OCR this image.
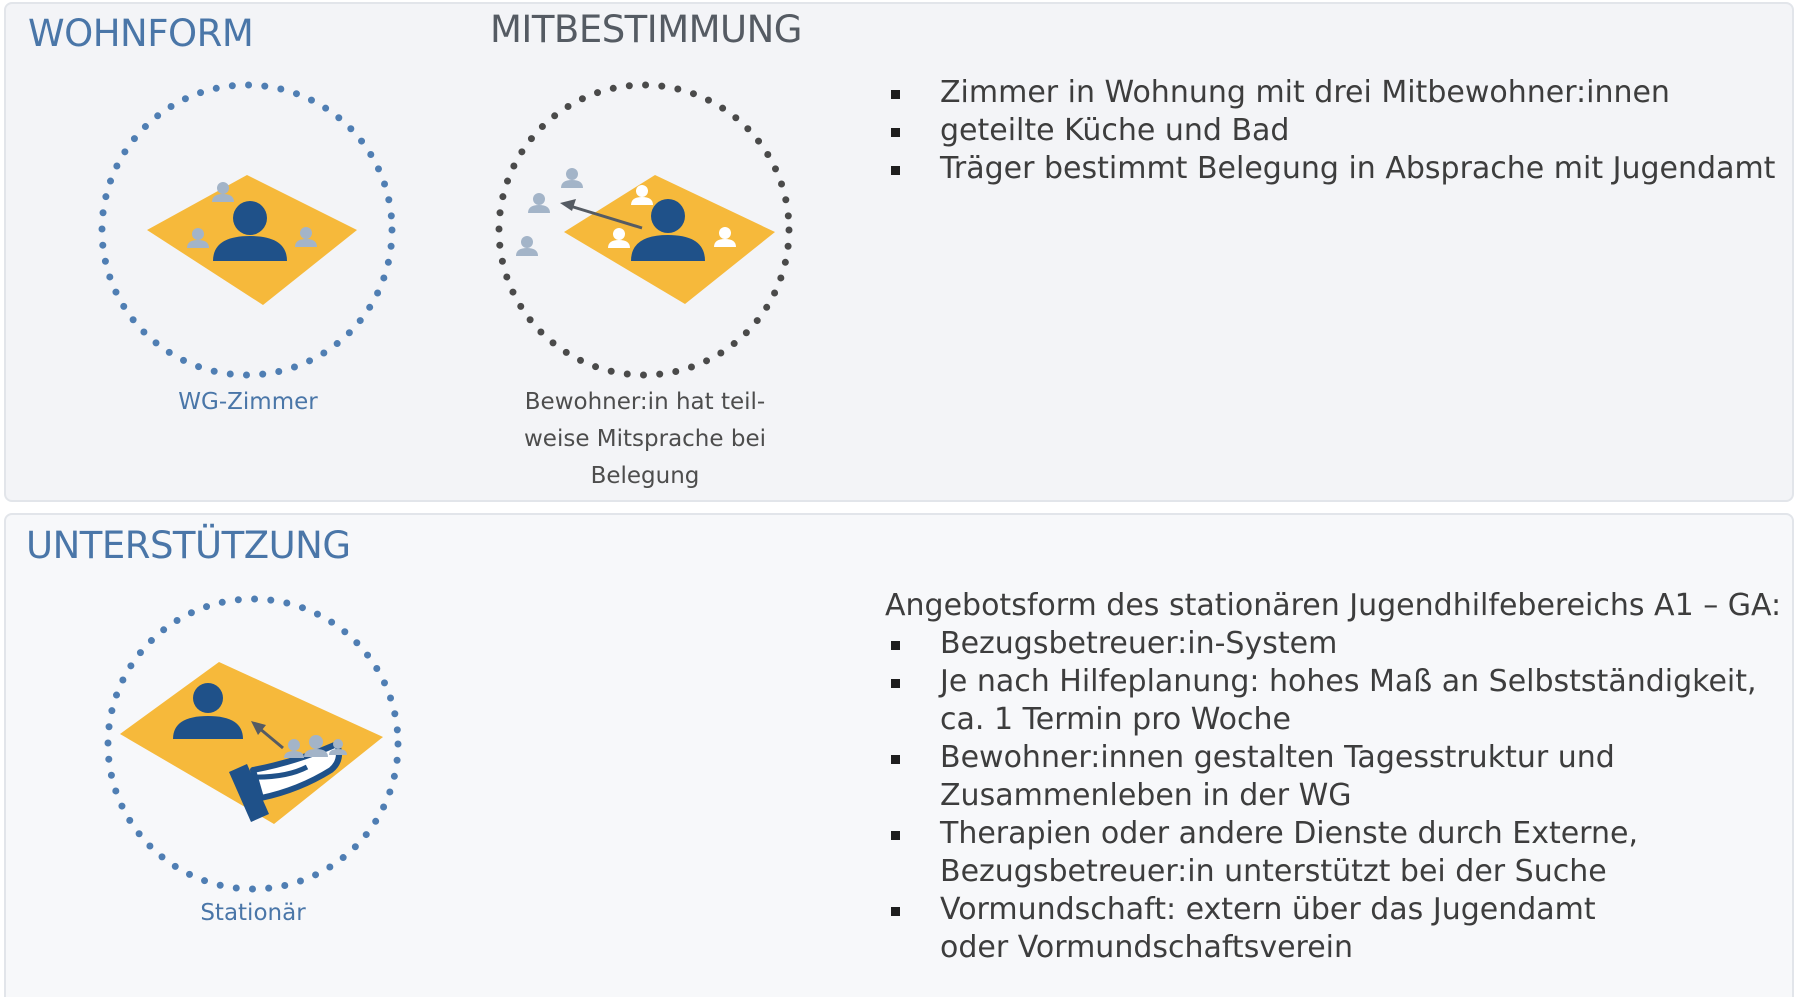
WOHNFORM	MITBESTIMMUNG

WG-Zimmer	Bewohner:in hat teil-
weise Mitsprache bei
Belegung

Zimmer in Wohnung mit drei Mitbewohner:innen
geteilte Küche und Bad
Träger bestimmt Belegung in Absprache mit Jugendamt
UNTERSTÜTZUNG

Stationär

Angebotsform des stationären Jugendhilfebereichs A1 – GA:

Bezugsbetreuer:in-System
Je nach Hilfeplanung: hohes Maß an Selbstständigkeit,
ca. 1 Termin pro Woche
Bewohner:innen gestalten Tagesstruktur und
Zusammenleben in der WG
Therapien oder andere Dienste durch Externe,
Bezugsbetreuer:in unterstützt bei der Suche
Vormundschaft: extern über das Jugendamt
oder Vormundschaftsverein
